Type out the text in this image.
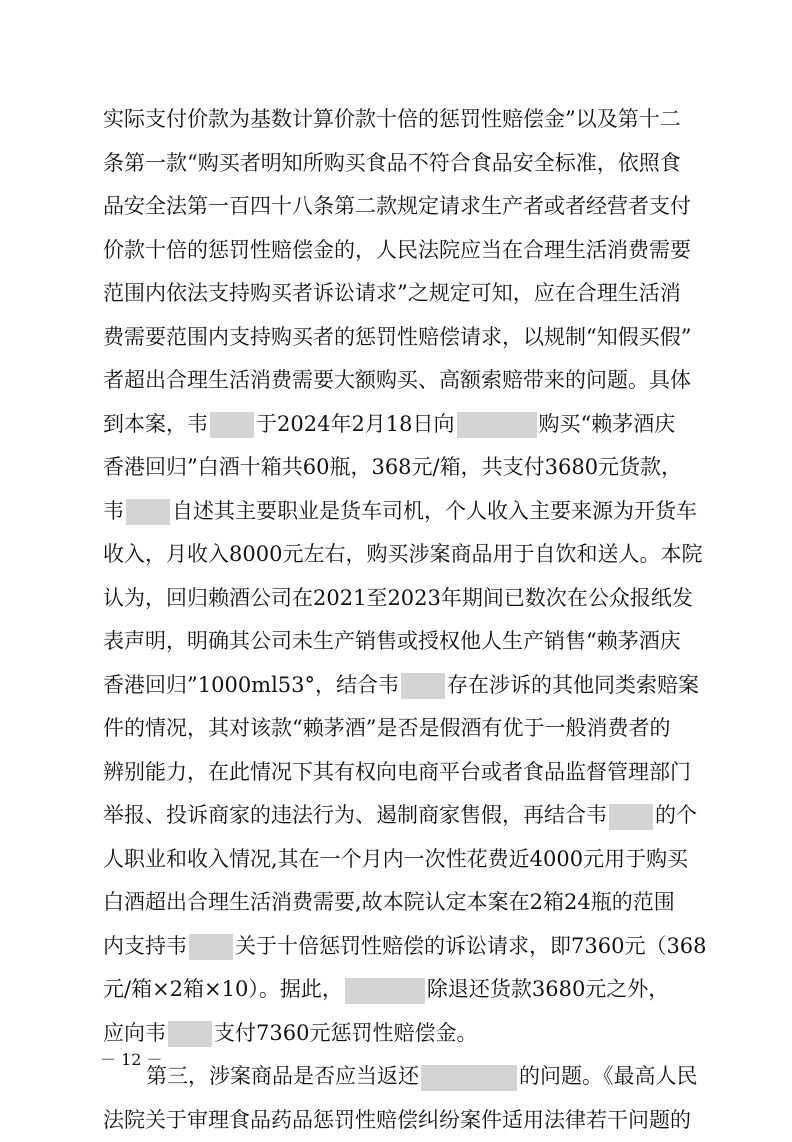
实际支付价款为基数计算价款十倍的惩罚性赔偿金”以及第十二
条第一款“购买者明知所购买食品不符合食品安全标准，依照食
品安全法第一百四十八条第二款规定请求生产者或者经营者支付
价款十倍的惩罚性赔偿金的，人民法院应当在合理生活消费需要
范围内依法支持购买者诉讼请求”之规定可知，应在合理生活消
费需要范围内支持购买者的惩罚性赔偿请求，以规制“知假买假”
者超出合理生活消费需要大额购买、高额索赔带来的问题。具体
到本案，韦 于2024年2月18日向	购买“赖茅酒庆
香港回归”白酒十箱共60瓶，368元/箱，共支付3680元货款，
韦 自述其主要职业是货车司机，个人收入主要来源为开货车
收入，月收入8000元左右，购买涉案商品用于自饮和送人。本院
认为，回归赖酒公司在2021至2023年期间已数次在公众报纸发
表声明，明确其公司未生产销售或授权他人生产销售“赖茅酒庆
香港回归”1000ml53°，结合韦 存在涉诉的其他同类索赔案
件的情况，其对该款“赖茅酒”是否是假酒有优于一般消费者的
辨别能力，在此情况下其有权向电商平台或者食品监督管理部门
举报、投诉商家的违法行为、遏制商家售假，再结合韦 的个
人职业和收入情况,其在一个月内一次性花费近4000元用于购买
白酒超出合理生活消费需要,故本院认定本案在2箱24瓶的范围
内支持韦 关于十倍惩罚性赔偿的诉讼请求，即7360元（368
元/箱×2箱×10）。据此，	除退还货款3680元之外，
应向韦 支付7360元惩罚性赔偿金。
第三，涉案商品是否应当返还	的问题。《最高人民
法院关于审理食品药品惩罚性赔偿纠纷案件适用法律若干问题的
－ 12 －
